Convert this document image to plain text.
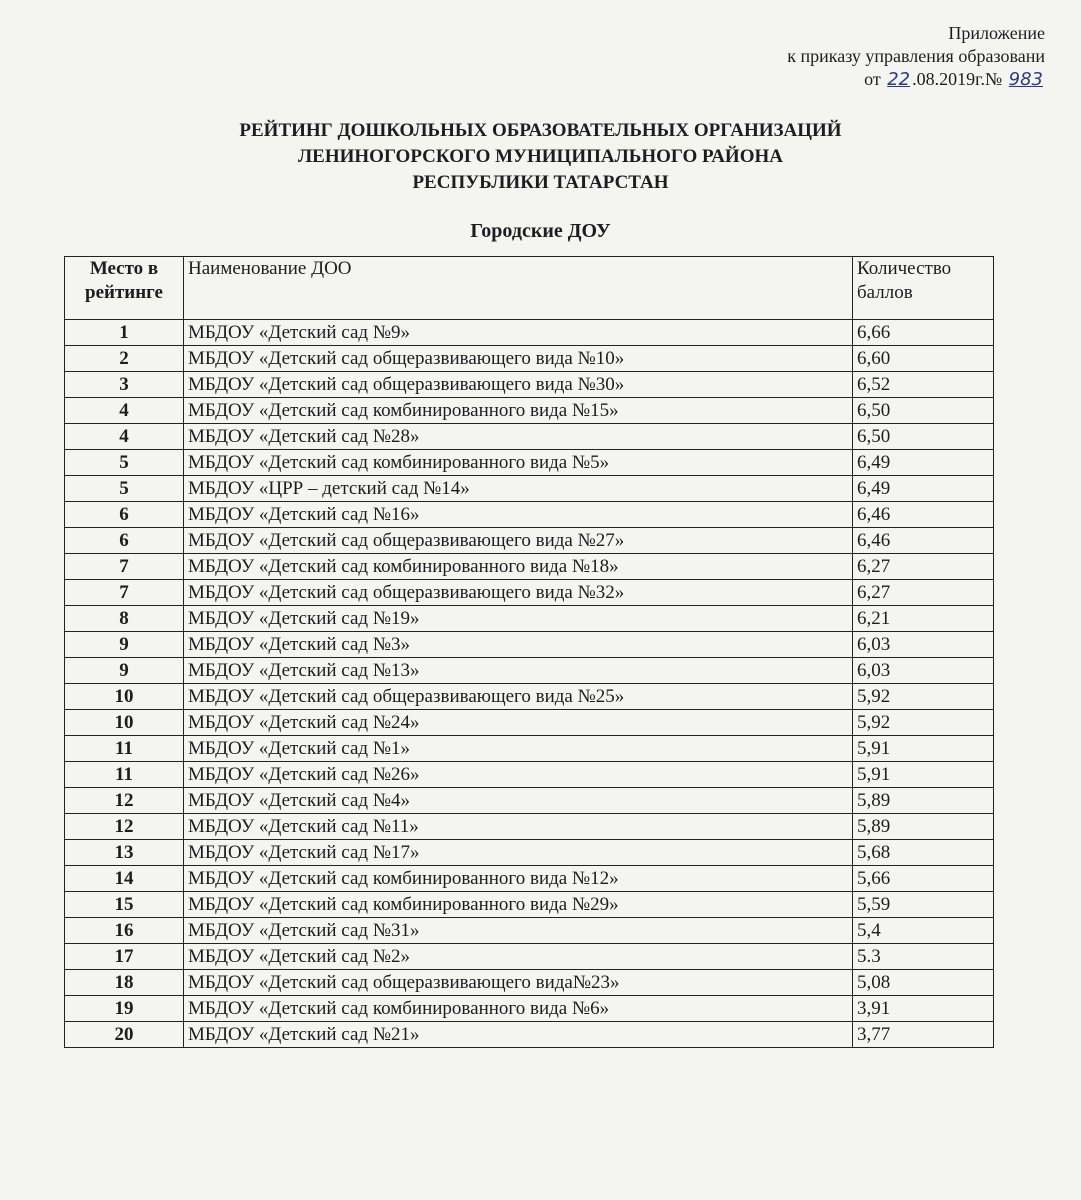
Приложение
к приказу управления образовани
от
22 .08.2019г.№
983
РЕЙТИНГ ДОШКОЛЬНЫХ ОБРАЗОВАТЕЛЬНЫХ ОРГАНИЗАЦИЙ
ЛЕНИНОГОРСКОГО МУНИЦИПАЛЬНОГО РАЙОНА
РЕСПУБЛИКИ ТАТАРСТАН
Городские ДОУ
Место в рейтинге	Наименование ДОО	Количество баллов
1	МБДОУ «Детский сад №9»	6,66
2	МБДОУ «Детский сад общеразвивающего вида №10»	6,60
3	МБДОУ «Детский сад общеразвивающего вида №30»	6,52
4	МБДОУ «Детский сад комбинированного вида №15»	6,50
4	МБДОУ «Детский сад №28»	6,50
5	МБДОУ «Детский сад комбинированного вида №5»	6,49
5	МБДОУ «ЦРР – детский сад №14»	6,49
6	МБДОУ «Детский сад №16»	6,46
6	МБДОУ «Детский сад общеразвивающего вида №27»	6,46
7	МБДОУ «Детский сад комбинированного вида №18»	6,27
7	МБДОУ «Детский сад общеразвивающего вида №32»	6,27
8	МБДОУ «Детский сад №19»	6,21
9	МБДОУ «Детский сад №3»	6,03
9	МБДОУ «Детский сад №13»	6,03
10	МБДОУ «Детский сад общеразвивающего вида №25»	5,92
10	МБДОУ «Детский сад №24»	5,92
11	МБДОУ «Детский сад №1»	5,91
11	МБДОУ «Детский сад №26»	5,91
12	МБДОУ «Детский сад №4»	5,89
12	МБДОУ «Детский сад №11»	5,89
13	МБДОУ «Детский сад №17»	5,68
14	МБДОУ «Детский сад комбинированного вида №12»	5,66
15	МБДОУ «Детский сад комбинированного вида №29»	5,59
16	МБДОУ «Детский сад №31»	5,4
17	МБДОУ «Детский сад №2»	5.3
18	МБДОУ «Детский сад общеразвивающего вида№23»	5,08
19	МБДОУ «Детский сад комбинированного вида №6»	3,91
20	МБДОУ «Детский сад №21»	3,77
